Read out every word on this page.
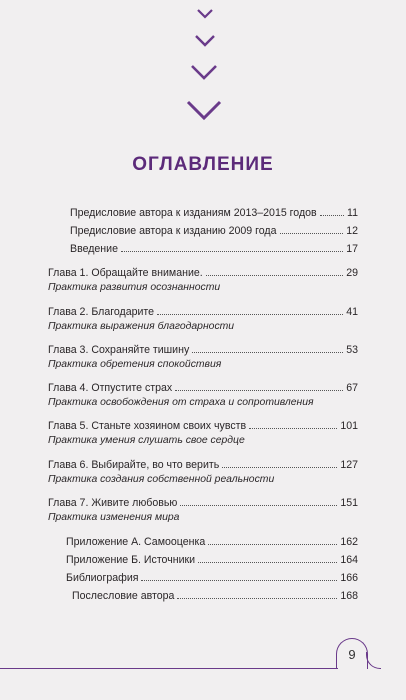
ОГЛАВЛЕНИЕ
Предисловие автора к изданиям 2013–2015 годов	11
Предисловие автора к изданию 2009 года	12
Введение	17
Глава 1. Обращайте внимание.	29
Практика развития осознанности
Глава 2. Благодарите	41
Практика выражения благодарности
Глава 3. Сохраняйте тишину	53
Практика обретения спокойствия
Глава 4. Отпустите страх	67
Практика освобождения от страха и сопротивления
Глава 5. Станьте хозяином своих чувств	101
Практика умения слушать свое сердце
Глава 6. Выбирайте, во что верить	127
Практика создания собственной реальности
Глава 7. Живите любовью	151
Практика изменения мира
Приложение А. Самооценка	162
Приложение Б. Источники	164
Библиография	166
Послесловие автора	168
9
